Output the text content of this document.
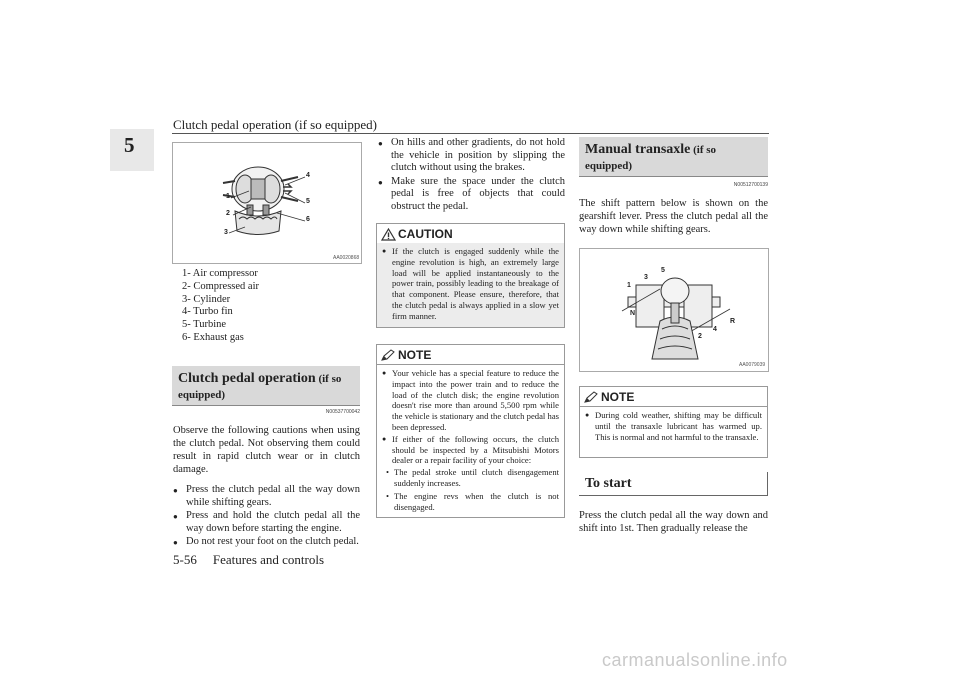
Clutch pedal operation (if so equipped)
5
1
2
3
4
5
6
AA0020868
1- Air compressor
2- Compressed air
3- Cylinder
4- Turbo fin
5- Turbine
6- Exhaust gas
Clutch pedal operation (if so
equipped)
N00537700042
Observe the following cautions when using the clutch pedal. Not observing them could result in rapid clutch wear or in clutch damage.
● Press the clutch pedal all the way down while shifting gears.
● Press and hold the clutch pedal all the way down before starting the engine.
● Do not rest your foot on the clutch pedal.
● On hills and other gradients, do not hold the vehicle in position by slipping the clutch without using the brakes.
● Make sure the space under the clutch pedal is free of objects that could obstruct the pedal.
CAUTION
● If the clutch is engaged suddenly while the engine revolution is high, an extremely large load will be applied instantaneously to the power train, possibly leading to the breakage of that component. Please ensure, therefore, that the clutch pedal is always applied in a slow yet firm manner.
NOTE
● Your vehicle has a special feature to reduce the impact into the power train and to reduce the load of the clutch disk; the engine revolution doesn't rise more than around 5,500 rpm while the vehicle is stationary and the clutch pedal has been depressed.
● If either of the following occurs, the clutch should be inspected by a Mitsubishi Motors dealer or a repair facility of your choice:
• The pedal stroke until clutch disengagement suddenly increases.
• The engine revs when the clutch is not disengaged.
Manual transaxle (if so
equipped)
N00512700139
The shift pattern below is shown on the gearshift lever. Press the clutch pedal all the way down while shifting gears.
1
3
5
N
2
4
R
AA0079039
NOTE
● During cold weather, shifting may be difficult until the transaxle lubricant has warmed up. This is normal and not harmful to the transaxle.
To start
Press the clutch pedal all the way down and shift into 1st. Then gradually release the
5-56 Features and controls
carmanualsonline.info
